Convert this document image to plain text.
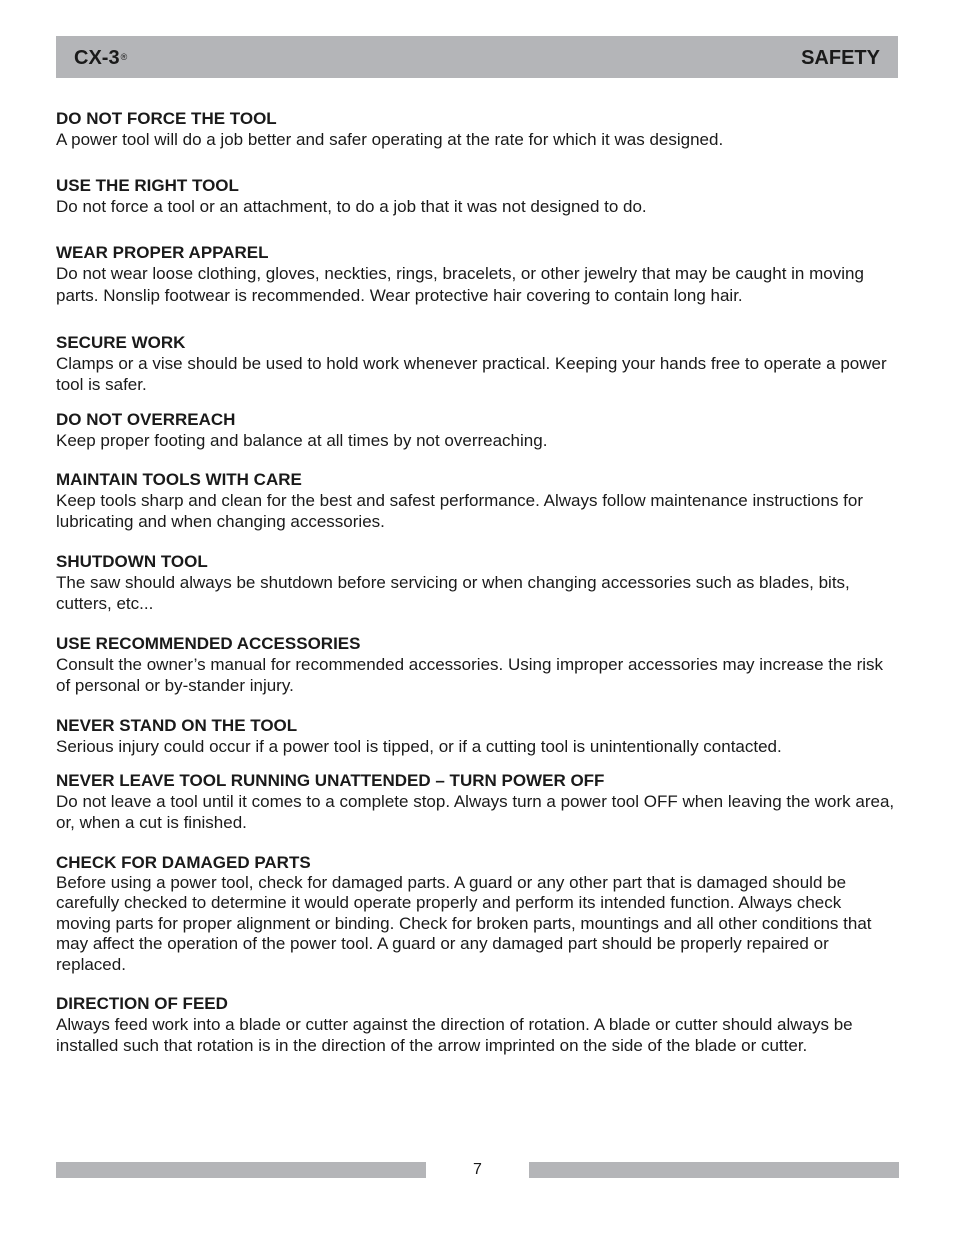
CX-3®	SAFETY
DO NOT FORCE THE TOOL
A power tool will do a job better and safer operating at the rate for which it was designed.
USE THE RIGHT TOOL
Do not force a tool or an attachment, to do a job that it was not designed to do.
WEAR PROPER APPAREL
Do not wear loose clothing, gloves, neckties, rings, bracelets, or other jewelry that may be caught in moving parts. Nonslip footwear is recommended. Wear protective hair covering to contain long hair.
SECURE WORK
Clamps or a vise should be used to hold work whenever practical. Keeping your hands free to operate a power tool is safer.
DO NOT OVERREACH
Keep proper footing and balance at all times by not overreaching.
MAINTAIN TOOLS WITH CARE
Keep tools sharp and clean for the best and safest performance. Always follow maintenance instructions for lubricating and when changing accessories.
SHUTDOWN TOOL
The saw should always be shutdown before servicing or when changing accessories such as blades, bits, cutters, etc...
USE RECOMMENDED ACCESSORIES
Consult the owner’s manual for recommended accessories. Using improper accessories may increase the risk of personal or by-stander injury.
NEVER STAND ON THE TOOL
Serious injury could occur if a power tool is tipped, or if a cutting tool is unintentionally contacted.
NEVER LEAVE TOOL RUNNING UNATTENDED – TURN POWER OFF
Do not leave a tool until it comes to a complete stop. Always turn a power tool OFF when leaving the work area, or, when a cut is finished.
CHECK FOR DAMAGED PARTS
Before using a power tool, check for damaged parts. A guard or any other part that is damaged should be carefully checked to determine it would operate properly and perform its intended function. Always check moving parts for proper alignment or binding. Check for broken parts, mountings and all other conditions that may affect the operation of the power tool. A guard or any damaged part should be properly repaired or replaced.
DIRECTION OF FEED
Always feed work into a blade or cutter against the direction of rotation. A blade or cutter should always be installed such that rotation is in the direction of the arrow imprinted on the side of the blade or cutter.
7
